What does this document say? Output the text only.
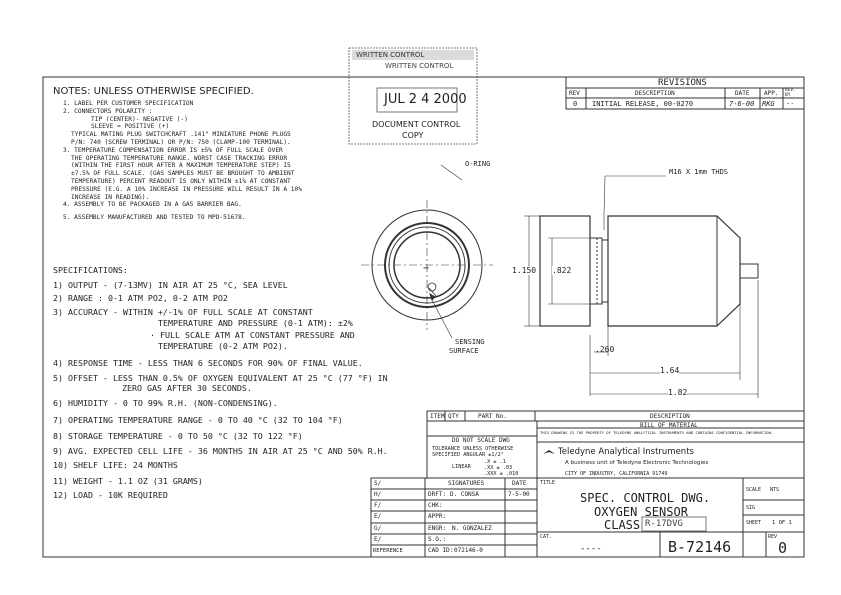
WRITTEN CONTROL
WRITTEN CONTROL
JUL 2 4 2000
DOCUMENT CONTROL
COPY
NOTES: UNLESS OTHERWISE SPECIFIED.
1. LABEL PER CUSTOMER SPECIFICATION
2. CONNECTORS POLARITY :
TIP (CENTER)- NEGATIVE (-)
SLEEVE = POSITIVE (+)
TYPICAL MATING PLUG SWITCHCRAFT .141" MINIATURE PHONE PLUGS
P/N: 740 (SCREW TERMINAL) OR P/N: 750 (CLAMP-100 TERMINAL).
3. TEMPERATURE COMPENSATION ERROR IS ±5% OF FULL SCALE OVER
THE OPERATING TEMPERATURE RANGE. WORST CASE TRACKING ERROR
(WITHIN THE FIRST HOUR AFTER A MAXIMUM TEMPERATURE STEP) IS
±7.5% OF FULL SCALE. (GAS SAMPLES MUST BE BROUGHT TO AMBIENT
TEMPERATURE) PERCENT READOUT IS ONLY WITHIN ±1% AT CONSTANT
PRESSURE (E.G. A 10% INCREASE IN PRESSURE WILL RESULT IN A 10%
INCREASE IN READING).
4. ASSEMBLY TO BE PACKAGED IN A GAS BARRIER BAG.
5. ASSEMBLY MANUFACTURED AND TESTED TO MPD-51678.
SPECIFICATIONS:
1) OUTPUT - (7-13MV) IN AIR AT 25 °C, SEA LEVEL
2) RANGE : 0-1 ATM PO2, 0-2 ATM PO2
3) ACCURACY - WITHIN +/-1% OF FULL SCALE AT CONSTANT
TEMPERATURE AND PRESSURE (0-1 ATM): ±2%
· FULL SCALE ATM AT CONSTANT PRESSURE AND
TEMPERATURE (0-2 ATM PO2).
4) RESPONSE TIME - LESS THAN 6 SECONDS FOR 90% OF FINAL VALUE.
5) OFFSET - LESS THAN 0.5% OF OXYGEN EQUIVALENT AT 25 °C (77 °F) IN
ZERO GAS AFTER 30 SECONDS.
6) HUMIDITY - 0 TO 99% R.H. (NON-CONDENSING).
7) OPERATING TEMPERATURE RANGE - 0 TO 40 °C (32 TO 104 °F)
8) STORAGE TEMPERATURE - 0 TO 50 °C (32 TO 122 °F)
9) AVG. EXPECTED CELL LIFE - 36 MONTHS IN AIR AT 25 °C AND 50% R.H.
10) SHELF LIFE: 24 MONTHS
11) WEIGHT - 1.1 OZ (31 GRAMS)
12) LOAD - 10K REQUIRED
REVISIONS
REV	DESCRIPTION	DATE APP. REV. BY
0 INITIAL RELEASE, 00-0270	7-6-00 RKG --
O-RING
M16 X 1mm THDS
SENSING
SURFACE
1.150 .822
.260
1.64
1.82
−
ITEM QTY	PART No.	DESCRIPTION
BILL OF MATERIAL
DO NOT SCALE DWG
THIS DRAWING IS THE PROPERTY OF TELEDYNE ANALYTICAL INSTRUMENTS AND CONTAINS CONFIDENTIAL INFORMATION.
TOLERANCE UNLESS OTHERWISE
SPECIFIED ANGULAR ±1/2°
LINEAR
.X ± .1
.XX ± .03
.XXX ± .010
Teledyne Analytical Instruments
A business unit of Teledyne Electronic Technologies
CITY OF INDUSTRY, CALIFORNIA 91749
S/	SIGNATURES	DATE
H/	DRFT: D. CONSA	7-5-00
F/	CHK:
E/	APPR:
G/	ENGR: N. GONZALEZ
E/	S.O.:
REFERENCE	CAD ID: 072146-0
TITLE
SPEC. CONTROL DWG.
OXYGEN SENSOR
CLASS R-17DVG
SCALE NTS
SIG
SHEET 1 OF 1
CAT.
----	B-72146
REV
0
